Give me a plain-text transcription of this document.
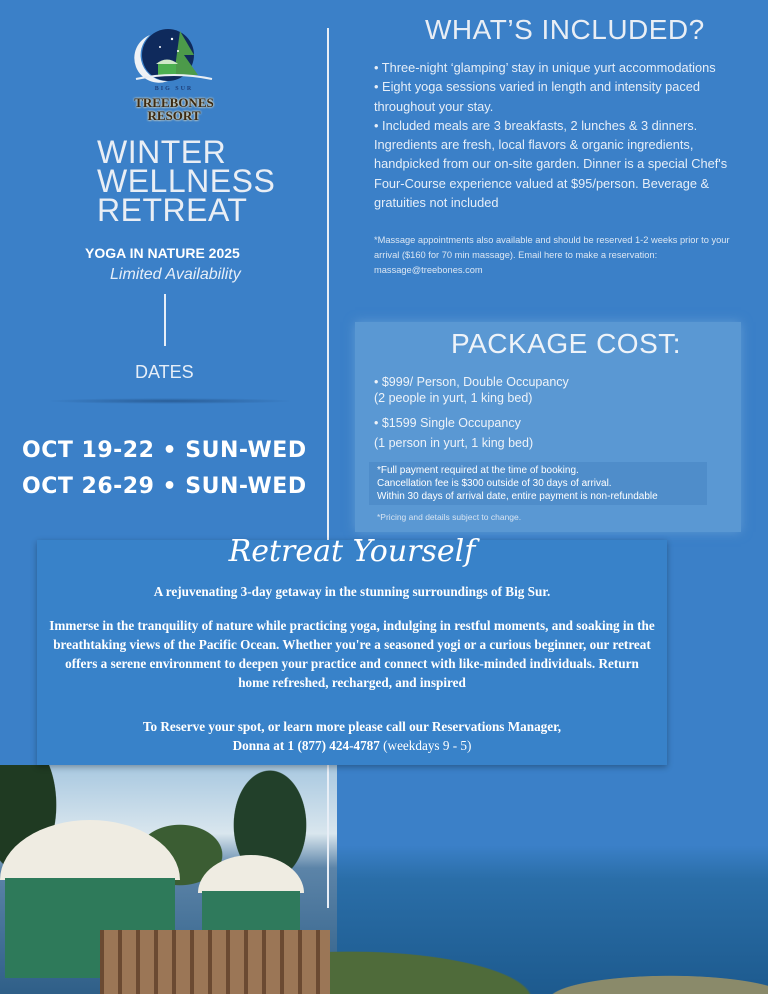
BIG SUR
TREEBONES
RESORT
WINTER
WELLNESS
RETREAT
YOGA IN NATURE 2025
Limited Availability
DATES
OCT 19-22 • SUN-WED
OCT 26-29 • SUN-WED
WHAT’S INCLUDED?
• Three-night ‘glamping’ stay in unique yurt accommodations
• Eight yoga sessions varied in length and intensity paced throughout your stay.
• Included meals are 3 breakfasts, 2 lunches & 3 dinners. Ingredients are fresh, local flavors & organic ingredients, handpicked from our on-site garden. Dinner is a special Chef's Four-Course experience valued at $95/person. Beverage & gratuities not included
*Massage appointments also available and should be reserved 1-2 weeks prior to your arrival ($160 for 70 min massage). Email here to make a reservation: massage@treebones.com
PACKAGE COST:
• $999/ Person, Double Occupancy
(2 people in yurt, 1 king bed)
• $1599 Single Occupancy
(1 person in yurt, 1 king bed)
*Full payment required at the time of booking.
Cancellation fee is $300 outside of 30 days of arrival.
Within 30 days of arrival date, entire payment is non-refundable
*Pricing and details subject to change.
Retreat Yourself
A rejuvenating 3-day getaway in the stunning surroundings of Big Sur.
Immerse in the tranquility of nature while practicing yoga, indulging in restful moments, and soaking in the breathtaking views of the Pacific Ocean. Whether you're a seasoned yogi or a curious beginner, our retreat offers a serene environment to deepen your practice and connect with like-minded individuals. Return home refreshed, recharged, and inspired
To Reserve your spot, or learn more please call our Reservations Manager,
Donna at 1 (877) 424-4787 (weekdays 9 - 5)
